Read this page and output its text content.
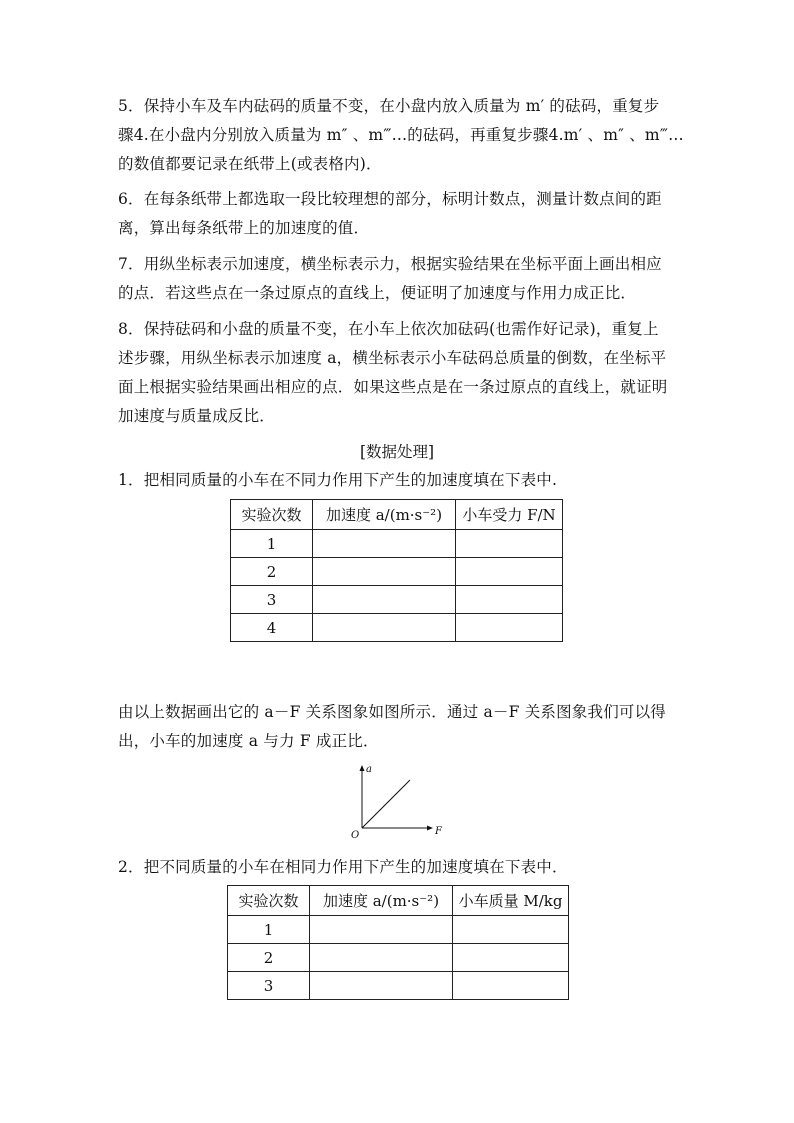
5．保持小车及车内砝码的质量不变，在小盘内放入质量为 m′ 的砝码，重复步
骤4.在小盘内分别放入质量为 m″ 、m‴…的砝码，再重复步骤4.m′ 、m″ 、m‴…
的数值都要记录在纸带上(或表格内)．
6．在每条纸带上都选取一段比较理想的部分，标明计数点，测量计数点间的距
离，算出每条纸带上的加速度的值．
7．用纵坐标表示加速度，横坐标表示力，根据实验结果在坐标平面上画出相应
的点．若这些点在一条过原点的直线上，便证明了加速度与作用力成正比．
8．保持砝码和小盘的质量不变，在小车上依次加砝码(也需作好记录)，重复上
述步骤，用纵坐标表示加速度 a，横坐标表示小车砝码总质量的倒数，在坐标平
面上根据实验结果画出相应的点．如果这些点是在一条过原点的直线上，就证明
加速度与质量成反比．
[数据处理]
1．把相同质量的小车在不同力作用下产生的加速度填在下表中.
实验次数	加速度 a/(m·s⁻²)	小车受力 F/N
1		
2		
3		
4		
由以上数据画出它的 a－F 关系图象如图所示．通过 a－F 关系图象我们可以得
出，小车的加速度 a 与力 F 成正比．
a
F
O
2．把不同质量的小车在相同力作用下产生的加速度填在下表中．
实验次数	加速度 a/(m·s⁻²)	小车质量 M/kg
1		
2		
3		
